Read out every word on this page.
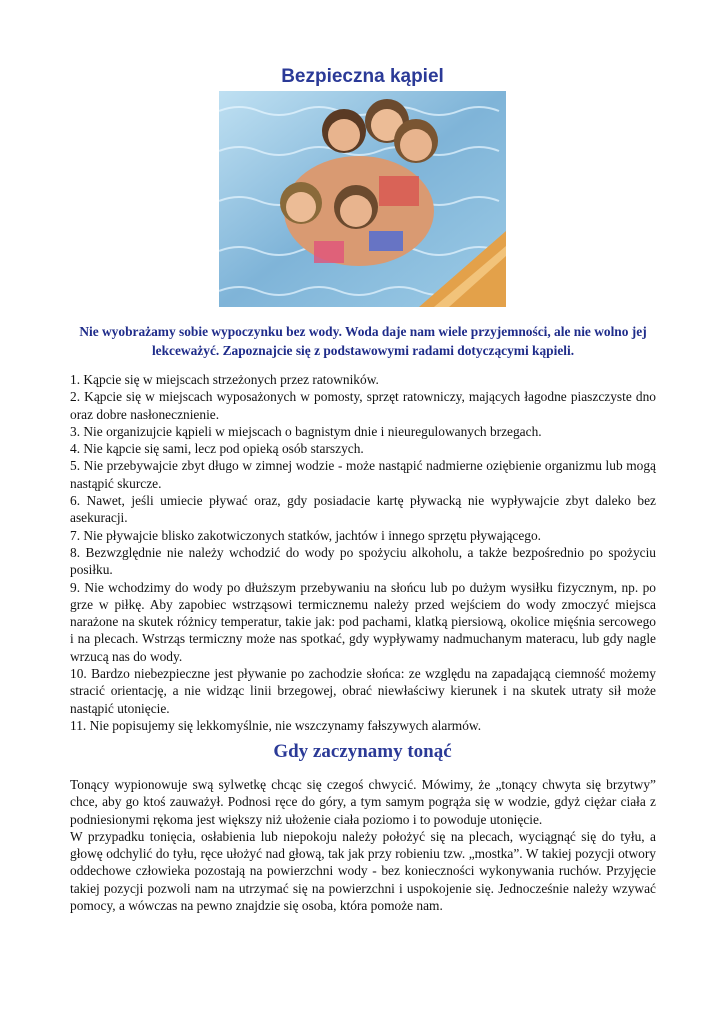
Bezpieczna kąpiel
Nie wyobrażamy sobie wypoczynku bez wody. Woda daje nam wiele przyjemności, ale nie wolno jej lekceważyć. Zapoznajcie się z podstawowymi radami dotyczącymi kąpieli.

1. Kąpcie się w miejscach strzeżonych przez ratowników.

2. Kąpcie się w miejscach wyposażonych w pomosty, sprzęt ratowniczy, mających łagodne piaszczyste dno oraz dobre nasłonecznienie.

3. Nie organizujcie kąpieli w miejscach o bagnistym dnie i nieuregulowanych brzegach.

4. Nie kąpcie się sami, lecz pod opieką osób starszych.

5. Nie przebywajcie zbyt długo w zimnej wodzie - może nastąpić nadmierne oziębienie organizmu lub mogą nastąpić skurcze.

6. Nawet, jeśli umiecie pływać oraz, gdy posiadacie kartę pływacką nie wypływajcie zbyt daleko bez asekuracji.

7. Nie pływajcie blisko zakotwiczonych statków, jachtów i innego sprzętu pływającego.

8. Bezwzględnie nie należy wchodzić do wody po spożyciu alkoholu, a także bezpośrednio po spożyciu posiłku.

9. Nie wchodzimy do wody po dłuższym przebywaniu na słońcu lub po dużym wysiłku fizycznym, np. po grze w piłkę. Aby zapobiec wstrząsowi termicznemu należy przed wejściem do wody zmoczyć miejsca narażone na skutek różnicy temperatur, takie jak: pod pachami, klatką piersiową, okolice mięśnia sercowego i na plecach. Wstrząs termiczny może nas spotkać, gdy wypływamy nadmuchanym materacu, lub gdy nagle wrzucą nas do wody.

10. Bardzo niebezpieczne jest pływanie po zachodzie słońca: ze względu na zapadającą ciemność możemy stracić orientację, a nie widząc linii brzegowej, obrać niewłaściwy kierunek i na skutek utraty sił może nastąpić utonięcie.

11. Nie popisujemy się lekkomyślnie, nie wszczynamy fałszywych alarmów.

Gdy zaczynamy tonąć

Tonący wypionowuje swą sylwetkę chcąc się czegoś chwycić. Mówimy, że „tonący chwyta się brzytwy” chce, aby go ktoś zauważył. Podnosi ręce do góry, a tym samym pogrąża się w wodzie, gdyż ciężar ciała z podniesionymi rękoma jest większy niż ułożenie ciała poziomo i to powoduje utonięcie.

W przypadku tonięcia, osłabienia lub niepokoju należy położyć się na plecach, wyciągnąć się do tyłu, a głowę odchylić do tyłu, ręce ułożyć nad głową, tak jak przy robieniu tzw. „mostka”. W takiej pozycji otwory oddechowe człowieka pozostają na powierzchni wody - bez konieczności wykonywania ruchów. Przyjęcie takiej pozycji pozwoli nam na utrzymać się na powierzchni i uspokojenie się. Jednocześnie należy wzywać pomocy, a wówczas na pewno znajdzie się osoba, która pomoże nam.
